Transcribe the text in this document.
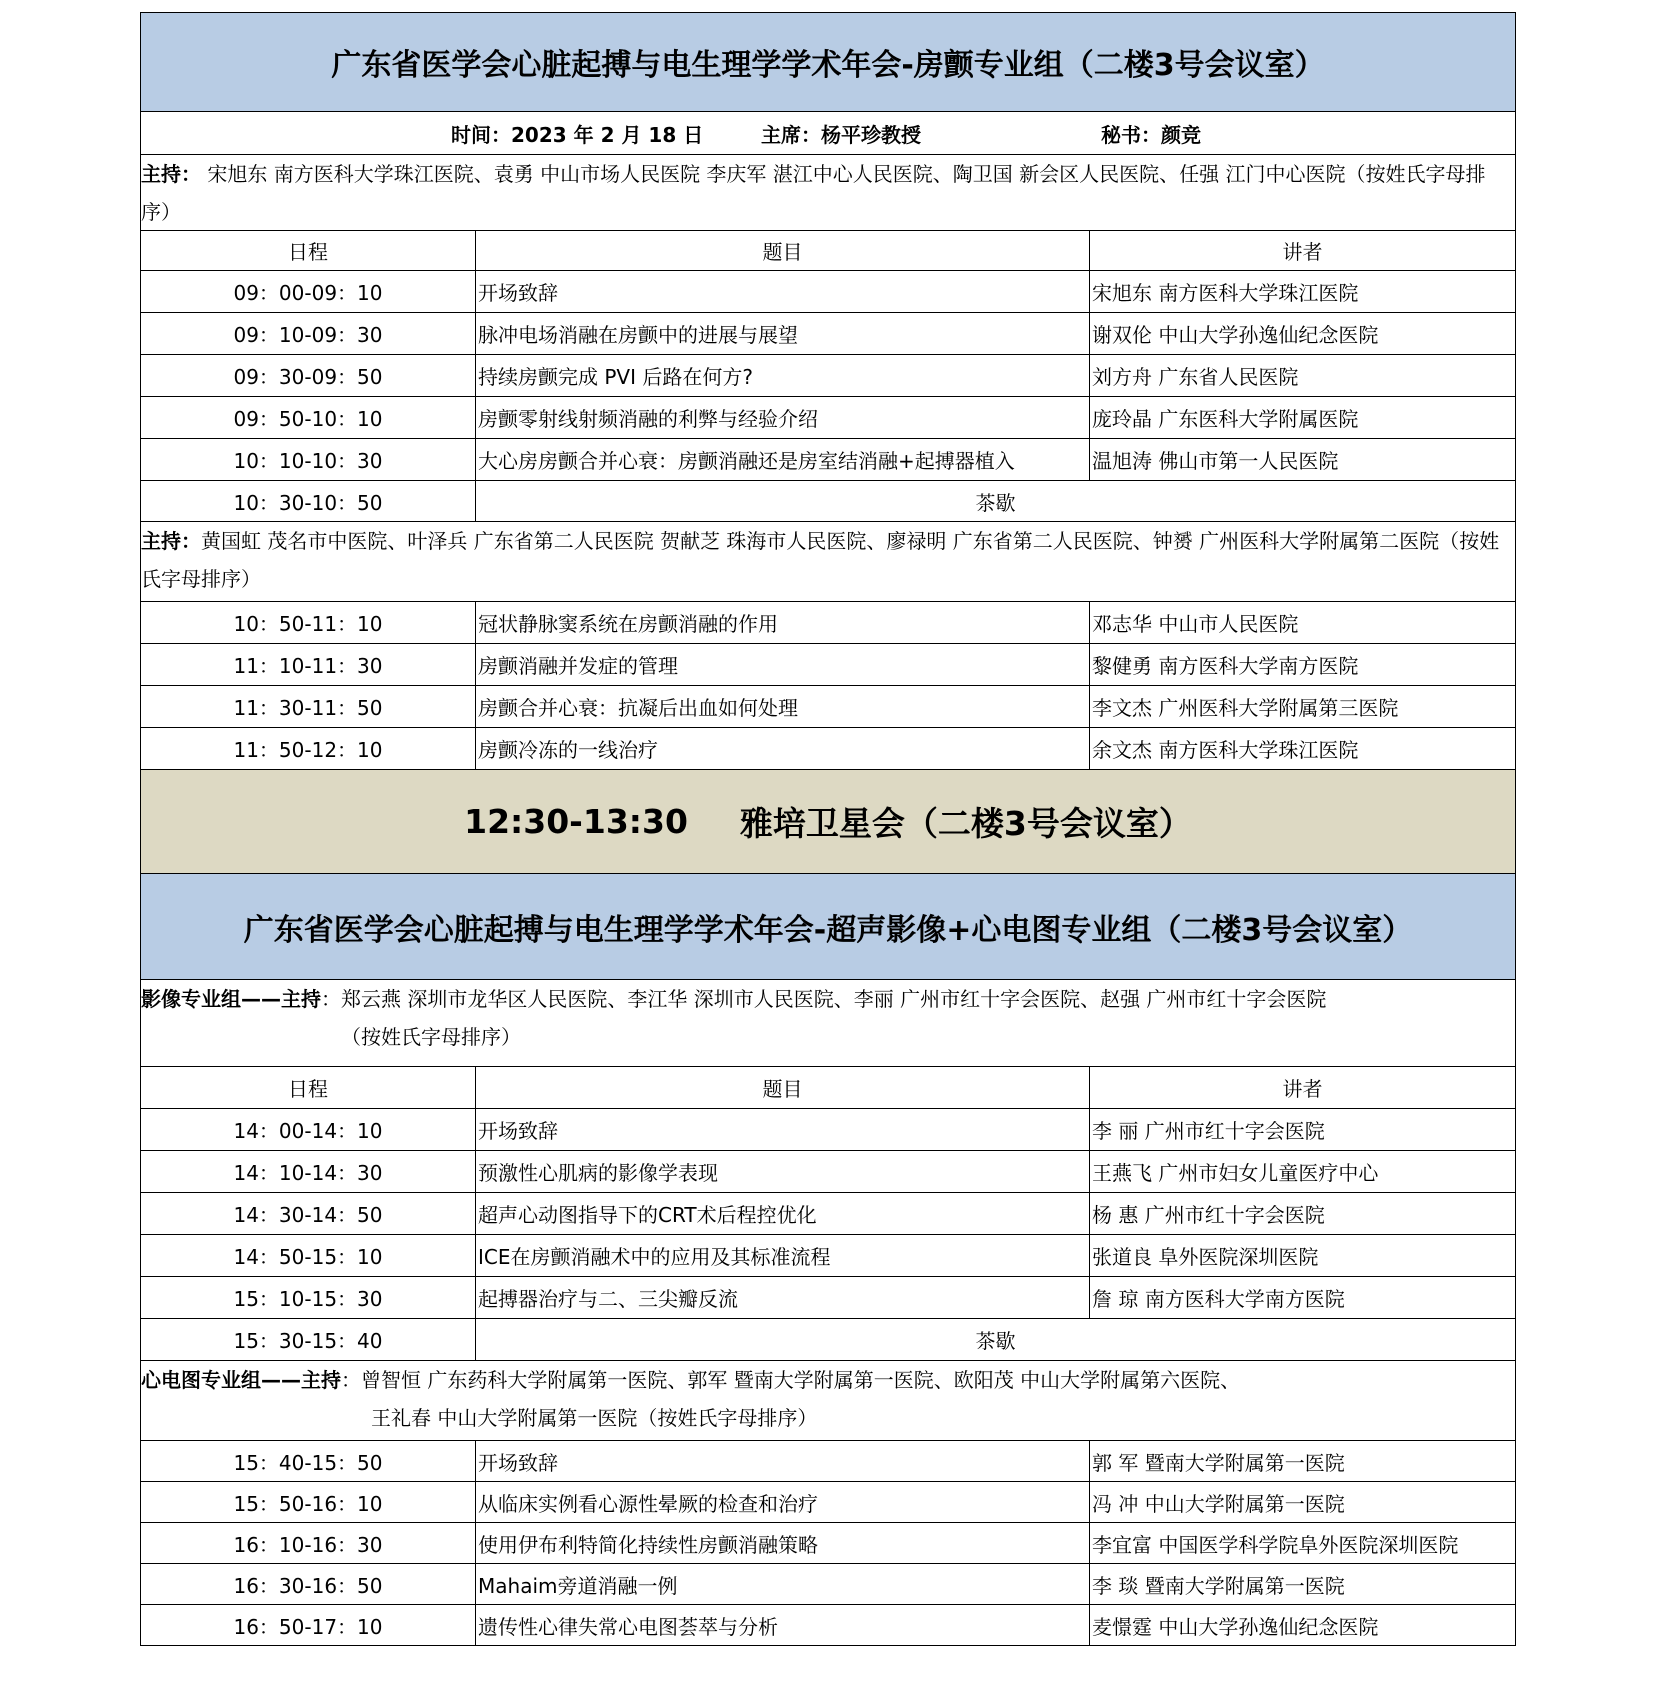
广东省医学会心脏起搏与电生理学学术年会-房颤专业组（二楼3号会议室）
时间：2023 年 2 月 18 日	主席：杨平珍教授	秘书：颜竞
主持： 宋旭东 南方医科大学珠江医院、袁勇 中山市场人民医院 李庆军 湛江中心人民医院、陶卫国 新会区人民医院、任强 江门中心医院（按姓氏字母排序）
日程	题目	讲者
09：00-09：10	开场致辞	宋旭东 南方医科大学珠江医院
09：10-09：30	脉冲电场消融在房颤中的进展与展望	谢双伦 中山大学孙逸仙纪念医院
09：30-09：50	持续房颤完成 PVI 后路在何方?	刘方舟 广东省人民医院
09：50-10：10	房颤零射线射频消融的利弊与经验介绍	庞玲晶 广东医科大学附属医院
10：10-10：30	大心房房颤合并心衰：房颤消融还是房室结消融+起搏器植入	温旭涛 佛山市第一人民医院
10：30-10：50	茶歇
主持：黄国虹 茂名市中医院、叶泽兵 广东省第二人民医院 贺献芝 珠海市人民医院、廖禄明 广东省第二人民医院、钟赟 广州医科大学附属第二医院（按姓氏字母排序）
10：50-11：10	冠状静脉窦系统在房颤消融的作用	邓志华 中山市人民医院
11：10-11：30	房颤消融并发症的管理	黎健勇 南方医科大学南方医院
11：30-11：50	房颤合并心衰：抗凝后出血如何处理	李文杰 广州医科大学附属第三医院
11：50-12：10	房颤冷冻的一线治疗	余文杰 南方医科大学珠江医院
12:30-13:30 雅培卫星会（二楼3号会议室）
广东省医学会心脏起搏与电生理学学术年会-超声影像+心电图专业组（二楼3号会议室）
影像专业组——主持：郑云燕 深圳市龙华区人民医院、李江华 深圳市人民医院、李丽 广州市红十字会医院、赵强 广州市红十字会医院
（按姓氏字母排序）
日程	题目	讲者
14：00-14：10	开场致辞	李 丽 广州市红十字会医院
14：10-14：30	预激性心肌病的影像学表现	王燕飞 广州市妇女儿童医疗中心
14：30-14：50	超声心动图指导下的CRT术后程控优化	杨 惠 广州市红十字会医院
14：50-15：10	ICE在房颤消融术中的应用及其标准流程	张道良 阜外医院深圳医院
15：10-15：30	起搏器治疗与二、三尖瓣反流	詹 琼 南方医科大学南方医院
15：30-15：40	茶歇
心电图专业组——主持：曾智恒 广东药科大学附属第一医院、郭军 暨南大学附属第一医院、欧阳茂 中山大学附属第六医院、
王礼春 中山大学附属第一医院（按姓氏字母排序）
15：40-15：50	开场致辞	郭 军 暨南大学附属第一医院
15：50-16：10	从临床实例看心源性晕厥的检查和治疗	冯 冲 中山大学附属第一医院
16：10-16：30	使用伊布利特简化持续性房颤消融策略	李宜富 中国医学科学院阜外医院深圳医院
16：30-16：50	Mahaim旁道消融一例	李 琰 暨南大学附属第一医院
16：50-17：10	遗传性心律失常心电图荟萃与分析	麦憬霆 中山大学孙逸仙纪念医院
